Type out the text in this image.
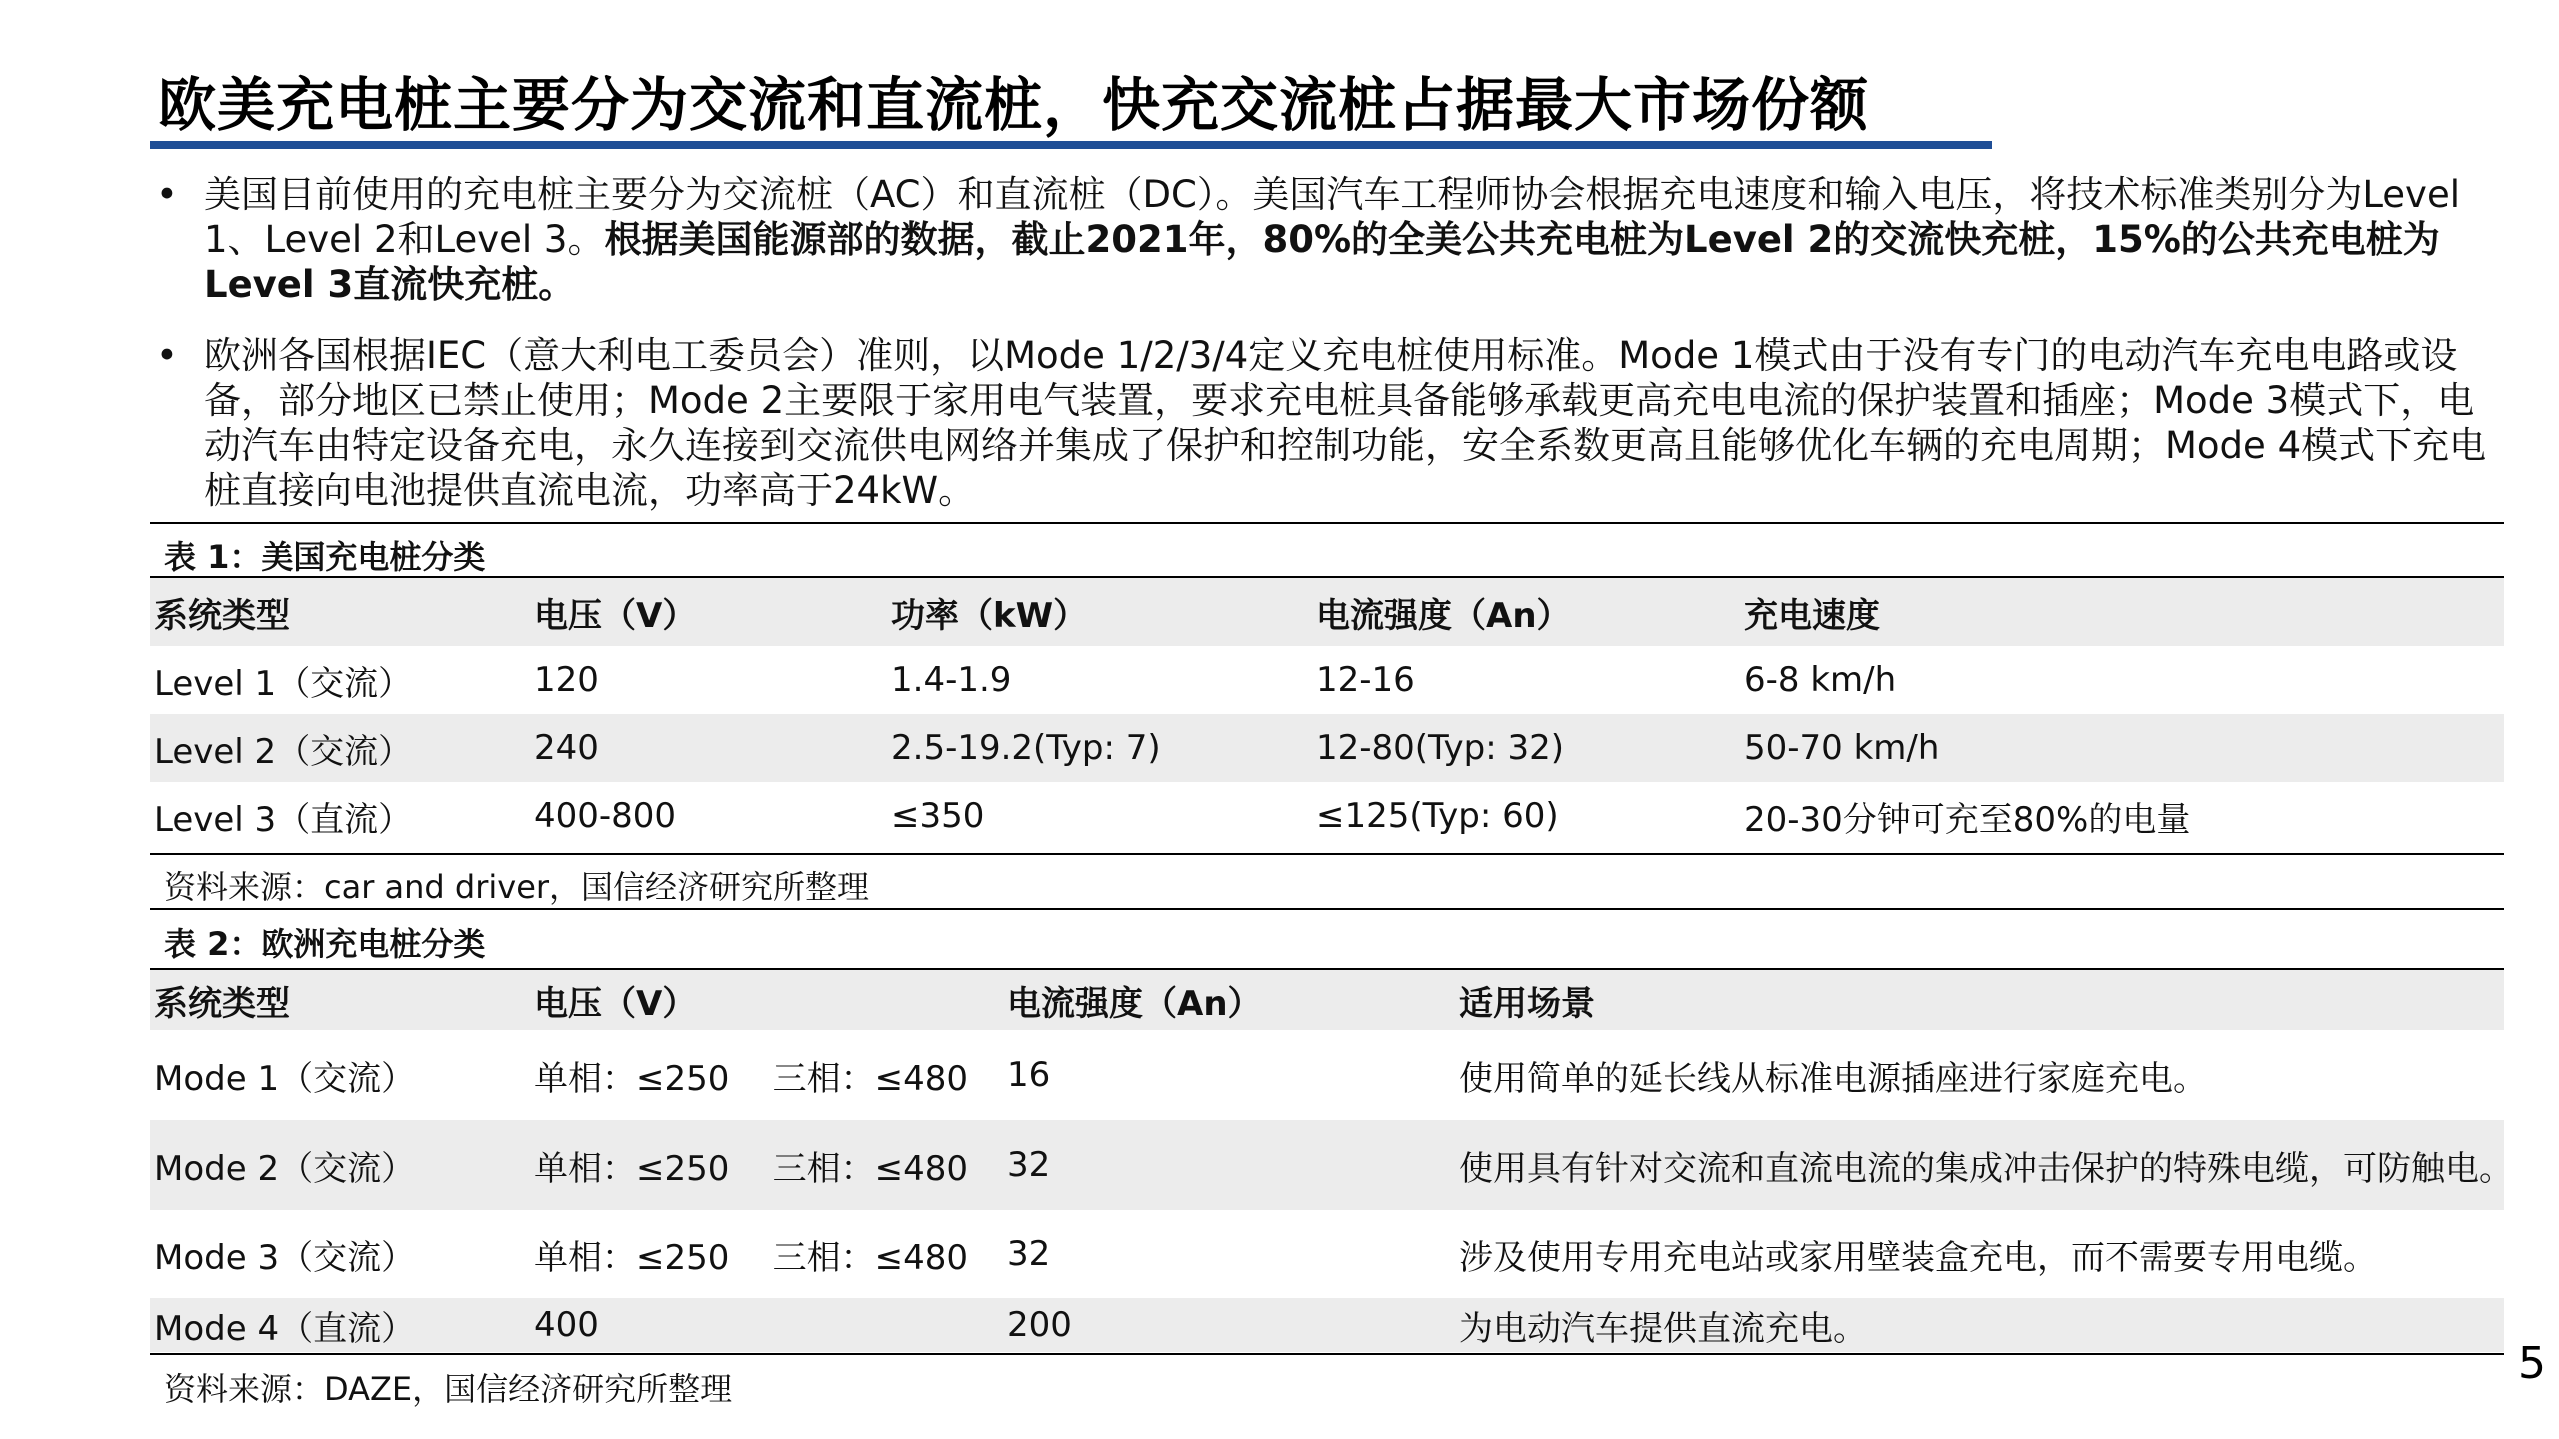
欧美充电桩主要分为交流和直流桩，快充交流桩占据最大市场份额
• 美国目前使用的充电桩主要分为交流桩（AC）和直流桩（DC）。美国汽车工程师协会根据充电速度和输入电压，将技术标准类别分为Level 1、Level 2和Level 3。根据美国能源部的数据，截止2021年，80%的全美公共充电桩为Level 2的交流快充桩，15%的公共充电桩为Level 3直流快充桩。
• 欧洲各国根据IEC（意大利电工委员会）准则，以Mode 1/2/3/4定义充电桩使用标准。Mode 1模式由于没有专门的电动汽车充电电路或设备，部分地区已禁止使用；Mode 2主要限于家用电气装置，要求充电桩具备能够承载更高充电电流的保护装置和插座；Mode 3模式下，电动汽车由特定设备充电，永久连接到交流供电网络并集成了保护和控制功能，安全系数更高且能够优化车辆的充电周期；Mode 4模式下充电桩直接向电池提供直流电流，功率高于24kW。
表 1：美国充电桩分类
系统类型	电压（V）	功率（kW）	电流强度（An）	充电速度
Level 1（交流）	120	1.4-1.9	12-16	6-8 km/h
Level 2（交流）	240	2.5-19.2(Typ: 7)	12-80(Typ: 32)	50-70 km/h
Level 3（直流）	400-800	≤350	≤125(Typ: 60)	20-30分钟可充至80%的电量
资料来源：car and driver，国信经济研究所整理
表 2：欧洲充电桩分类
系统类型	电压（V）	电流强度（An）	适用场景
Mode 1（交流）	单相：≤250    三相：≤480	16	使用简单的延长线从标准电源插座进行家庭充电。
Mode 2（交流）	单相：≤250    三相：≤480	32	使用具有针对交流和直流电流的集成冲击保护的特殊电缆，可防触电。
Mode 3（交流）	单相：≤250    三相：≤480	32	涉及使用专用充电站或家用壁装盒充电，而不需要专用电缆。
Mode 4（直流）	400	200	为电动汽车提供直流充电。
资料来源：DAZE，国信经济研究所整理	5
